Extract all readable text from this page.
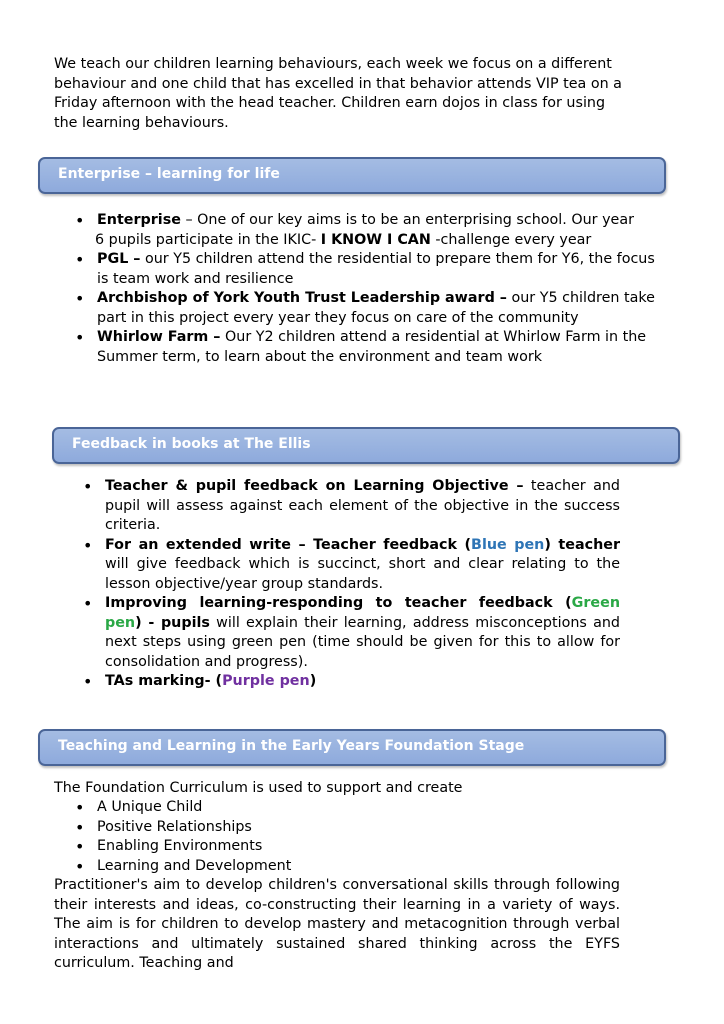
We teach our children learning behaviours, each week we focus on a different behaviour and one child that has excelled in that behavior attends VIP tea on a Friday afternoon with the head teacher. Children earn dojos in class for using the learning behaviours.
Enterprise – learning for life
• Enterprise – One of our key aims is to be an enterprising school. Our year
6 pupils participate in the IKIC- I KNOW I CAN -challenge every year
• PGL – our Y5 children attend the residential to prepare them for Y6, the focus is team work and resilience
• Archbishop of York Youth Trust Leadership award – our Y5 children take part in this project every year they focus on care of the community
• Whirlow Farm – Our Y2 children attend a residential at Whirlow Farm in the Summer term, to learn about the environment and team work
Feedback in books at The Ellis
• Teacher & pupil feedback on Learning Objective – teacher and pupil will assess against each element of the objective in the success criteria.
• For an extended write – Teacher feedback (Blue pen) teacher will give feedback which is succinct, short and clear relating to the lesson objective/year group standards.
• Improving learning-responding to teacher feedback (Green pen) - pupils will explain their learning, address misconceptions and next steps using green pen (time should be given for this to allow for consolidation and progress).
• TAs marking- (Purple pen)
Teaching and Learning in the Early Years Foundation Stage
The Foundation Curriculum is used to support and create
• A Unique Child
• Positive Relationships
• Enabling Environments
• Learning and Development
Practitioner's aim to develop children's conversational skills through following their interests and ideas, co-constructing their learning in a variety of ways. The aim is for children to develop mastery and metacognition through verbal interactions and ultimately sustained shared thinking across the EYFS curriculum. Teaching and
